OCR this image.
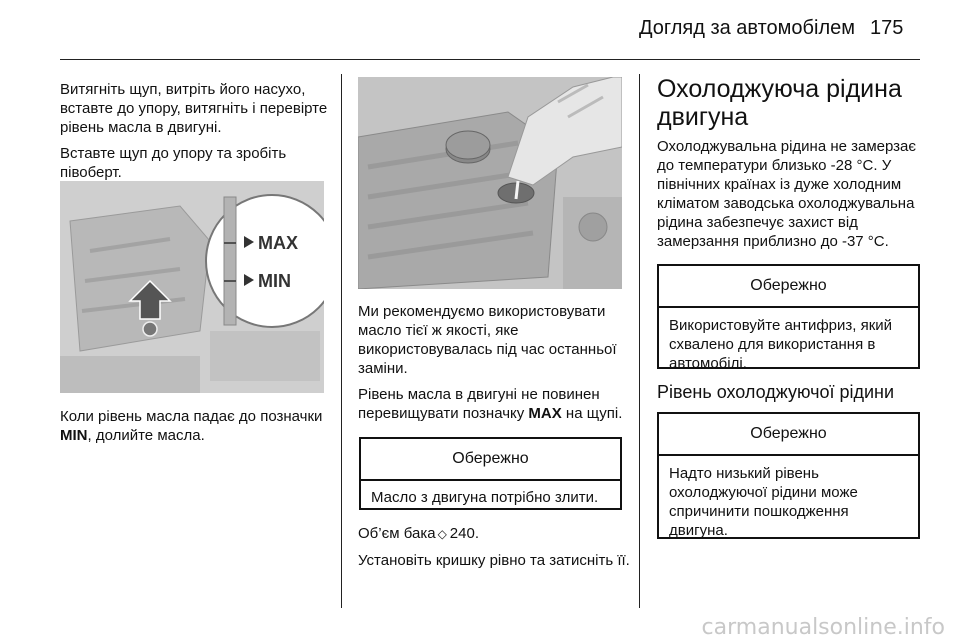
Догляд за автомобілем 175

Витягніть щуп, витріть його насухо, вставте до упору, витягніть і перевірте рівень масла в двигуні.

Вставте щуп до упору та зробіть півоберт.

MAX
MIN

Коли рівень масла падає до позначки MIN, долийте масла.

Ми рекомендуємо використовувати масло тієї ж якості, яке використовувалась під час останньої заміни.

Рівень масла в двигуні не повинен перевищувати позначку MAX на щупі.

Обережно
Масло з двигуна потрібно злити.

Об’єм бака◇ 240.

Установіть кришку рівно та затисніть її.

Охолоджуюча рідина двигуна

Охолоджувальна рідина не замерзає до температури близько -28 °C. У північних країнах із дуже холодним кліматом заводська охолоджувальна рідина забезпечує захист від замерзання приблизно до -37 °C.

Обережно
Використовуйте антифриз, який схвалено для використання в автомобілі.
Рівень охолоджуючої рідини
Обережно
Надто низький рівень охолоджуючої рідини може спричинити пошкодження двигуна.
carmanualsonline.info
